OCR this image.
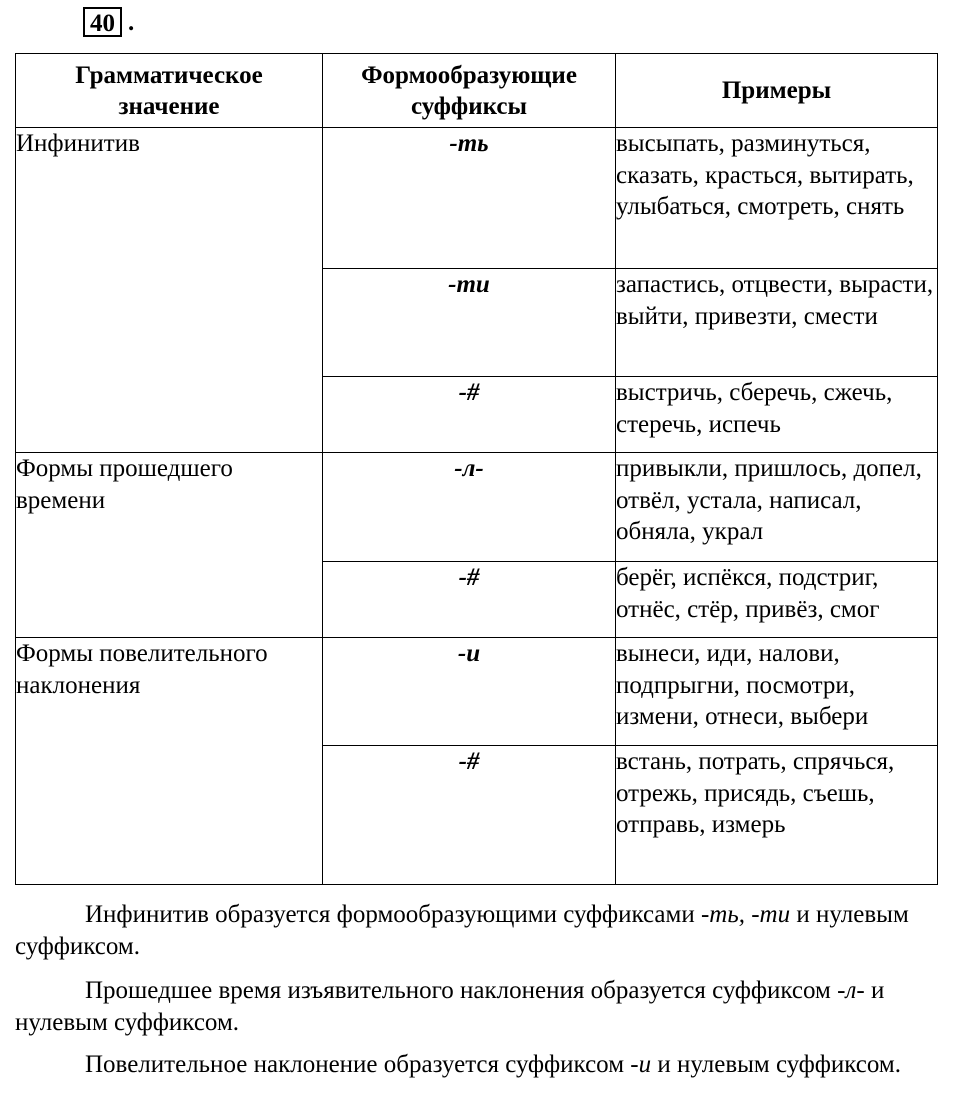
40 .
Грамматическое значение	Формообразующие суффиксы	Примеры
Инфинитив	-ть	высыпать, разминуться, сказать, красться, вытирать, улыбаться, смотреть, снять
	-ти	запастись, отцвести, вырасти, выйти, привезти, смести
	-#	выстричь, сберечь, сжечь, стеречь, испечь
Формы прошедшего времени	-л-	привыкли, пришлось, допел, отвёл, устала, написал, обняла, украл
	-#	берёг, испёкся, подстриг, отнёс, стёр, привёз, смог
Формы повелительного наклонения	-и	вынеси, иди, налови, подпрыгни, посмотри, измени, отнеси, выбери
	-#	встань, потрать, спрячься, отрежь, присядь, съешь, отправь, измерь

Инфинитив образуется формообразующими суффиксами -ть, -ти и нулевым суффиксом.

Прошедшее время изъявительного наклонения образуется суффиксом -л- и нулевым суффиксом.

Повелительное наклонение образуется суффиксом -и и нулевым суффиксом.
